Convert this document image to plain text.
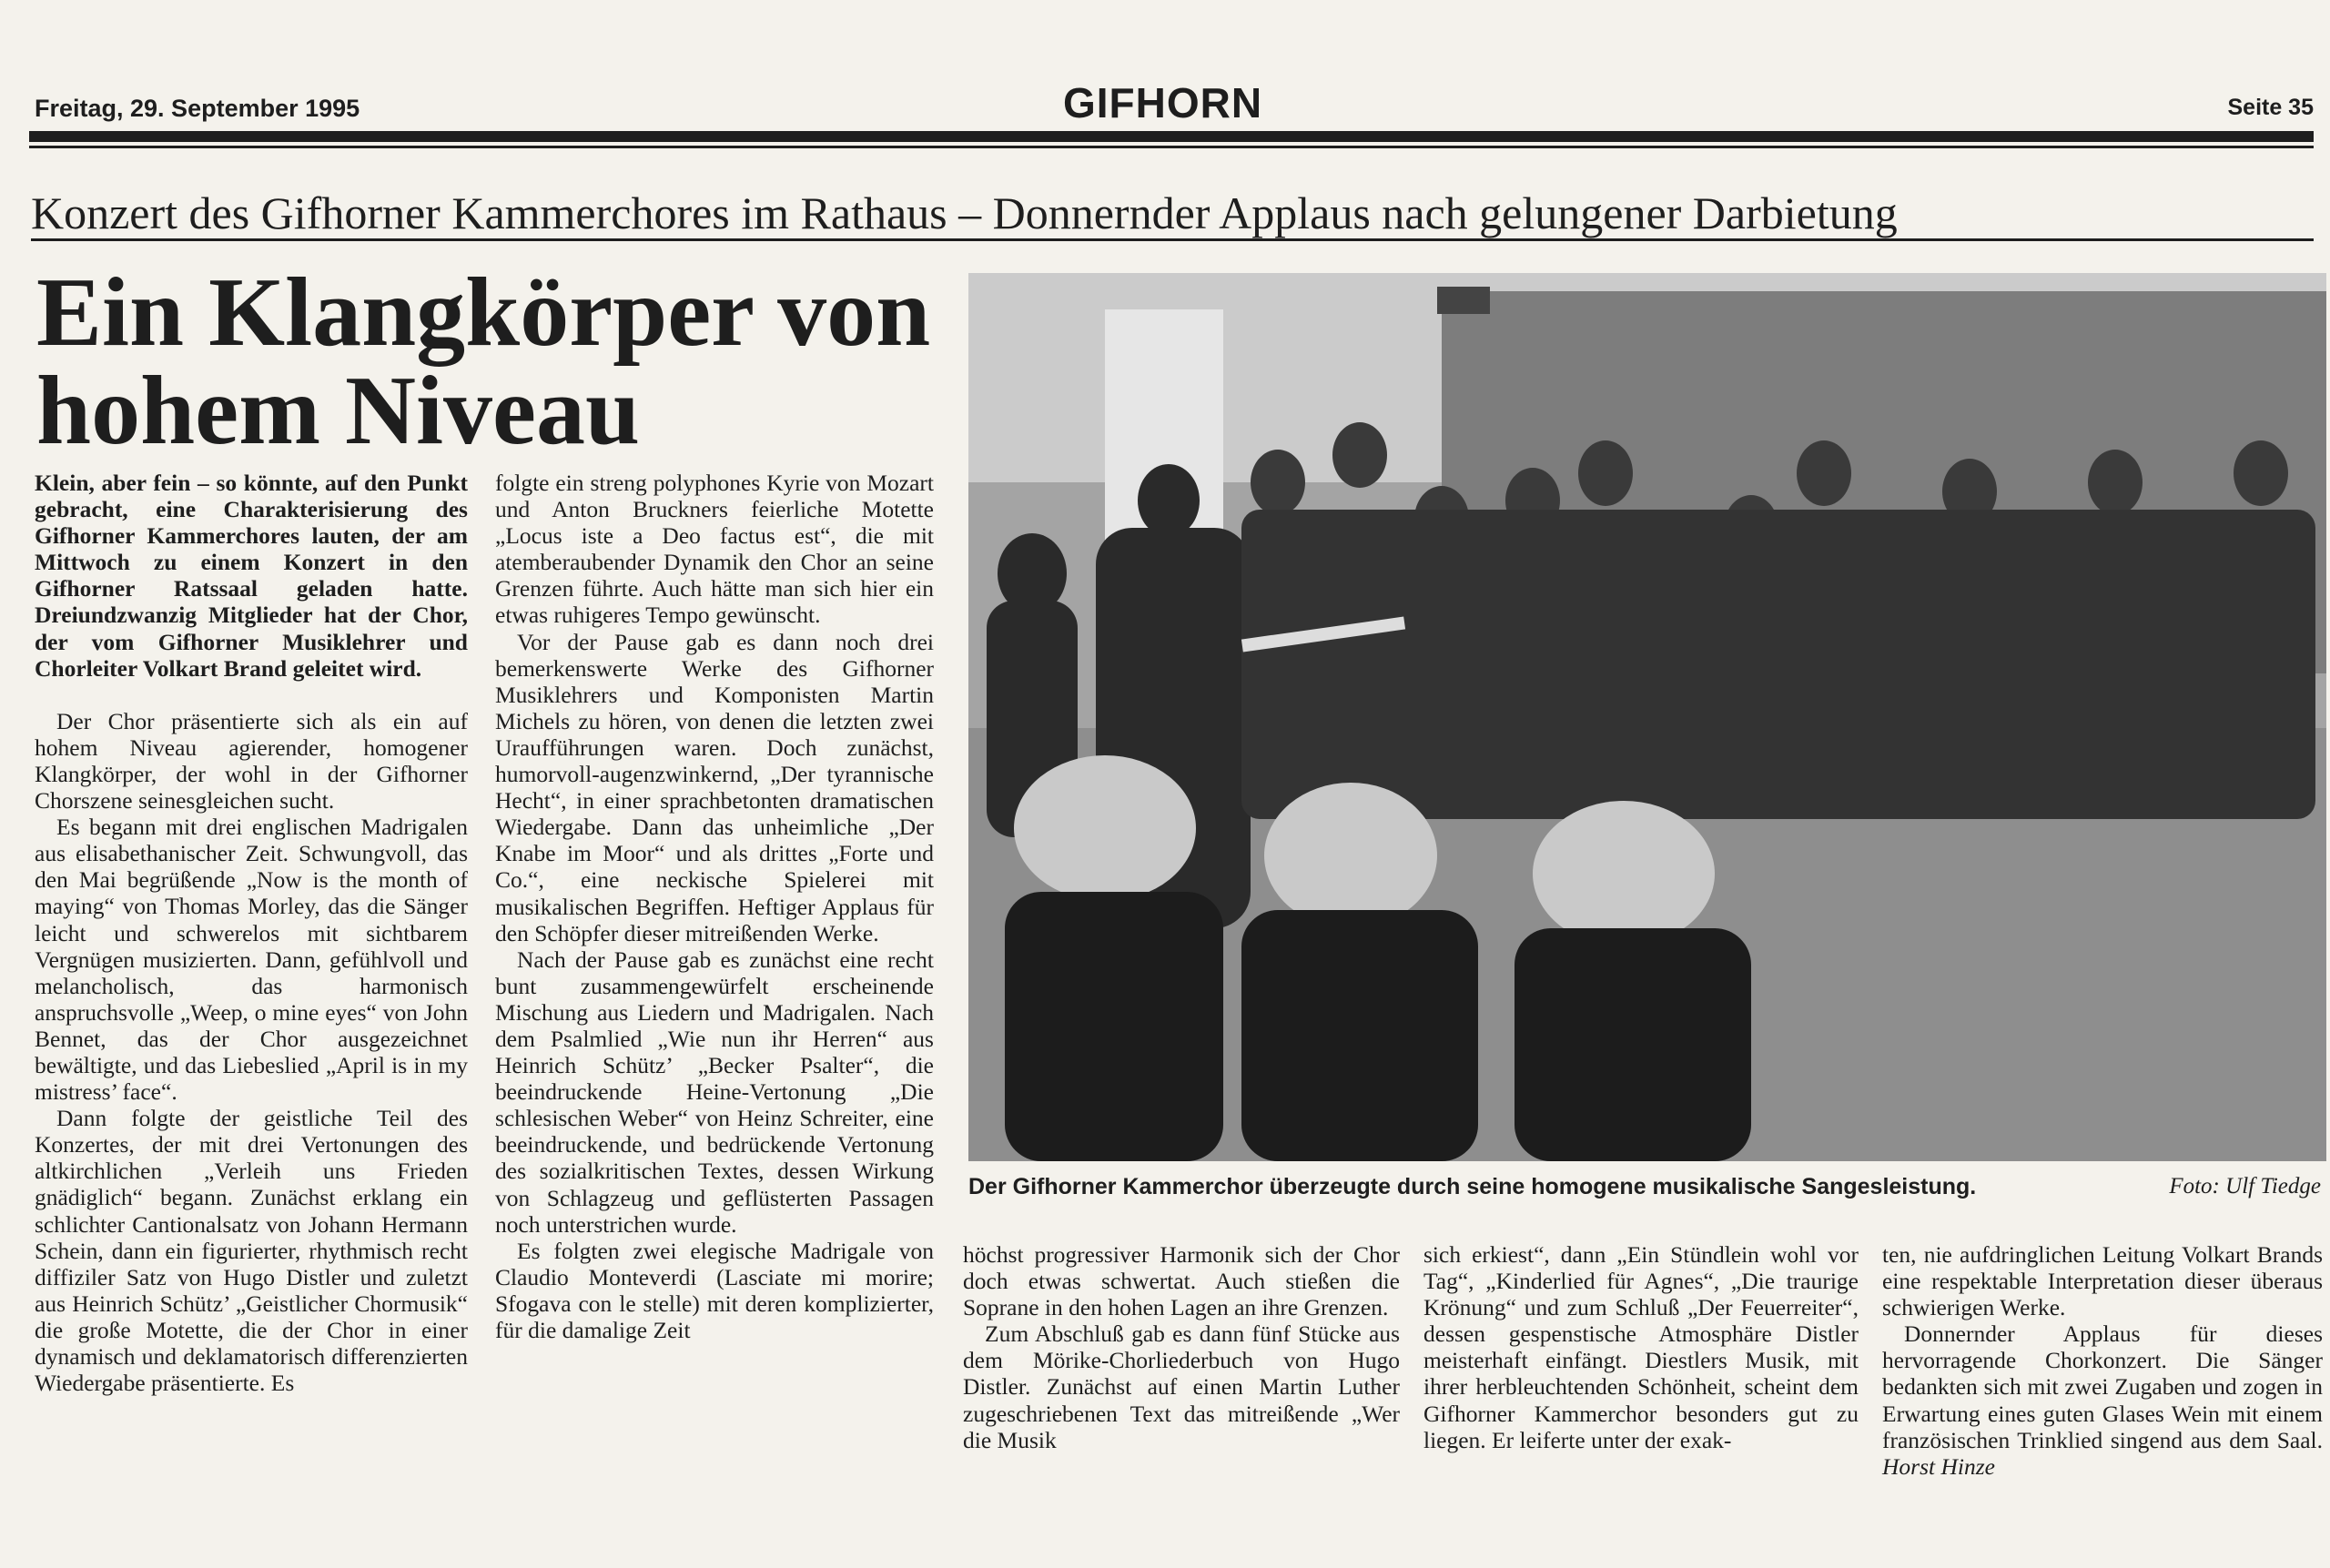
Freitag, 29. September 1995	GIFHORN	Seite 35
Konzert des Gifhorner Kammerchores im Rathaus – Donnernder Applaus nach gelungener Darbietung
Ein Klangkörper von hohem Niveau
Der Gifhorner Kammerchor überzeugte durch seine homogene musikalische Sangesleistung.	Foto: Ulf Tiedge

Klein, aber fein – so könnte, auf den Punkt gebracht, eine Charakterisierung des Gifhorner Kammerchores lauten, der am Mittwoch zu einem Konzert in den Gifhorner Ratssaal geladen hatte. Dreiundzwanzig Mitglieder hat der Chor, der vom Gifhorner Musiklehrer und Chorleiter Volkart Brand geleitet wird.

Der Chor präsentierte sich als ein auf hohem Niveau agierender, homogener Klangkörper, der wohl in der Gifhorner Chorszene seinesgleichen sucht.

Es begann mit drei englischen Madrigalen aus elisabethanischer Zeit. Schwungvoll, das den Mai begrüßende „Now is the month of maying“ von Thomas Morley, das die Sänger leicht und schwerelos mit sichtbarem Vergnügen musizierten. Dann, gefühlvoll und melancholisch, das harmonisch anspruchsvolle „Weep, o mine eyes“ von John Bennet, das der Chor ausgezeichnet bewältigte, und das Liebeslied „April is in my mistress’ face“.

Dann folgte der geistliche Teil des Konzertes, der mit drei Vertonungen des altkirchlichen „Verleih uns Frieden gnädiglich“ begann. Zunächst erklang ein schlichter Cantionalsatz von Johann Hermann Schein, dann ein figurierter, rhythmisch recht diffiziler Satz von Hugo Distler und zuletzt aus Heinrich Schütz’ „Geistlicher Chormusik“ die große Motette, die der Chor in einer dynamisch und deklamatorisch differenzierten Wiedergabe präsentierte. Es

folgte ein streng polyphones Kyrie von Mozart und Anton Bruckners feierliche Motette „Locus iste a Deo factus est“, die mit atemberaubender Dynamik den Chor an seine Grenzen führte. Auch hätte man sich hier ein etwas ruhigeres Tempo gewünscht.

Vor der Pause gab es dann noch drei bemerkenswerte Werke des Gifhorner Musiklehrers und Komponisten Martin Michels zu hören, von denen die letzten zwei Uraufführungen waren. Doch zunächst, humorvoll-augenzwinkernd, „Der tyrannische Hecht“, in einer sprachbetonten dramatischen Wiedergabe. Dann das unheimliche „Der Knabe im Moor“ und als drittes „Forte und Co.“, eine neckische Spielerei mit musikalischen Begriffen. Heftiger Applaus für den Schöpfer dieser mitreißenden Werke.

Nach der Pause gab es zunächst eine recht bunt zusammengewürfelt erscheinende Mischung aus Liedern und Madrigalen. Nach dem Psalmlied „Wie nun ihr Herren“ aus Heinrich Schütz’ „Becker Psalter“, die beeindruckende Heine-Vertonung „Die schlesischen Weber“ von Heinz Schreiter, eine beeindruckende, und bedrückende Vertonung des sozialkritischen Textes, dessen Wirkung von Schlagzeug und geflüsterten Passagen noch unterstrichen wurde.

Es folgten zwei elegische Madrigale von Claudio Monteverdi (Lasciate mi morire; Sfogava con le stelle) mit deren komplizierter, für die damalige Zeit

höchst progressiver Harmonik sich der Chor doch etwas schwertat. Auch stießen die Soprane in den hohen Lagen an ihre Grenzen.

Zum Abschluß gab es dann fünf Stücke aus dem Mörike-Chorliederbuch von Hugo Distler. Zunächst auf einen Martin Luther zugeschriebenen Text das mitreißende „Wer die Musik

sich erkiest“, dann „Ein Stündlein wohl vor Tag“, „Kinderlied für Agnes“, „Die traurige Krönung“ und zum Schluß „Der Feuerreiter“, dessen gespenstische Atmosphäre Distler meisterhaft einfängt. Diestlers Musik, mit ihrer herbleuchtenden Schönheit, scheint dem Gifhorner Kammerchor besonders gut zu liegen. Er leiferte unter der exak-

ten, nie aufdringlichen Leitung Volkart Brands eine respektable Interpretation dieser überaus schwierigen Werke.

Donnernder Applaus für dieses hervorragende Chorkonzert. Die Sänger bedankten sich mit zwei Zugaben und zogen in Erwartung eines guten Glases Wein mit einem französischen Trinklied singend aus dem Saal. Horst Hinze
